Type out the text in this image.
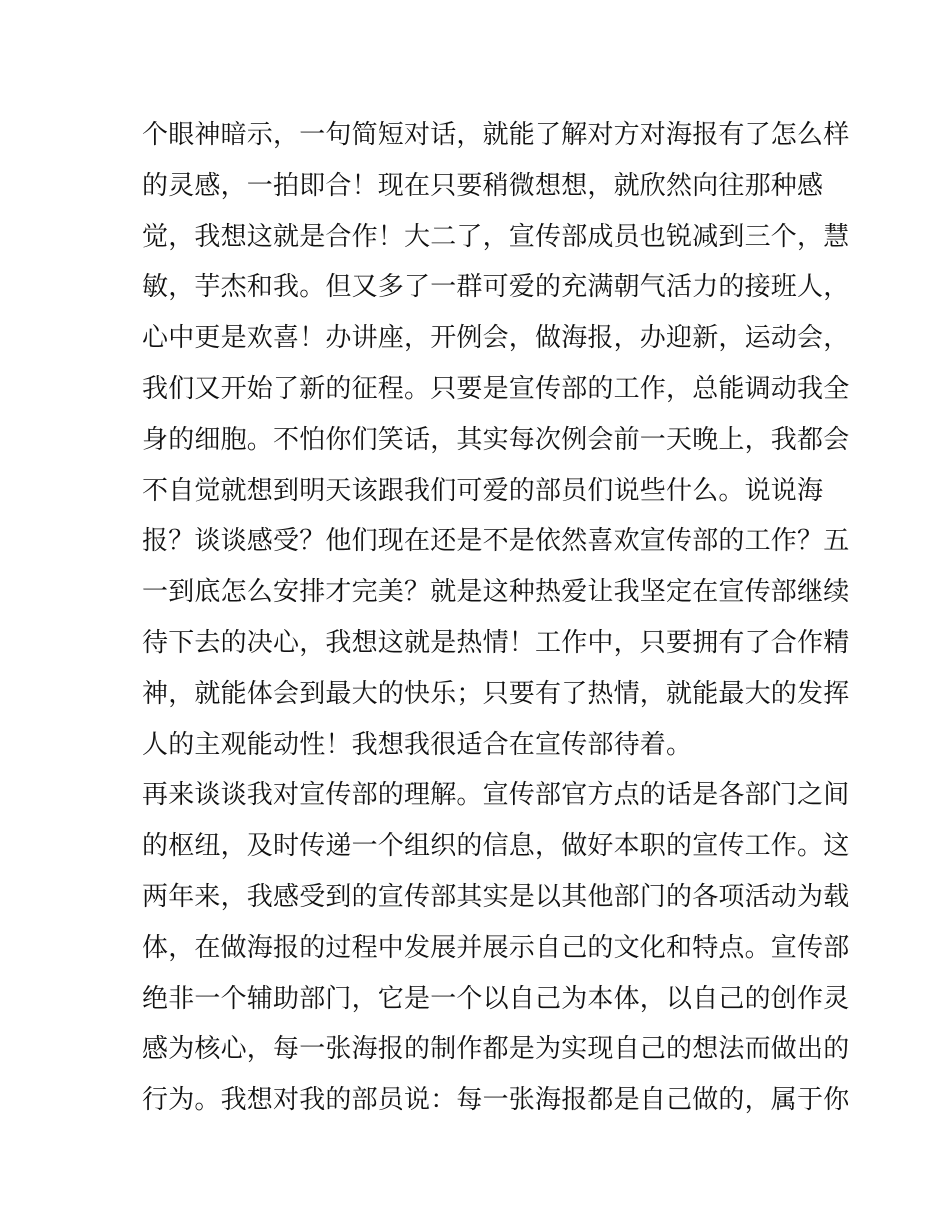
个眼神暗示，一句简短对话，就能了解对方对海报有了怎么样
的灵感，一拍即合！现在只要稍微想想，就欣然向往那种感
觉，我想这就是合作！大二了，宣传部成员也锐减到三个，慧
敏，芋杰和我。但又多了一群可爱的充满朝气活力的接班人，
心中更是欢喜！办讲座，开例会，做海报，办迎新，运动会，
我们又开始了新的征程。只要是宣传部的工作，总能调动我全
身的细胞。不怕你们笑话，其实每次例会前一天晚上，我都会
不自觉就想到明天该跟我们可爱的部员们说些什么。说说海
报？谈谈感受？他们现在还是不是依然喜欢宣传部的工作？五
一到底怎么安排才完美？就是这种热爱让我坚定在宣传部继续
待下去的决心，我想这就是热情！工作中，只要拥有了合作精
神，就能体会到最大的快乐；只要有了热情，就能最大的发挥
人的主观能动性！我想我很适合在宣传部待着。
再来谈谈我对宣传部的理解。宣传部官方点的话是各部门之间
的枢纽，及时传递一个组织的信息，做好本职的宣传工作。这
两年来，我感受到的宣传部其实是以其他部门的各项活动为载
体，在做海报的过程中发展并展示自己的文化和特点。宣传部
绝非一个辅助部门，它是一个以自己为本体，以自己的创作灵
感为核心，每一张海报的制作都是为实现自己的想法而做出的
行为。我想对我的部员说：每一张海报都是自己做的，属于你
